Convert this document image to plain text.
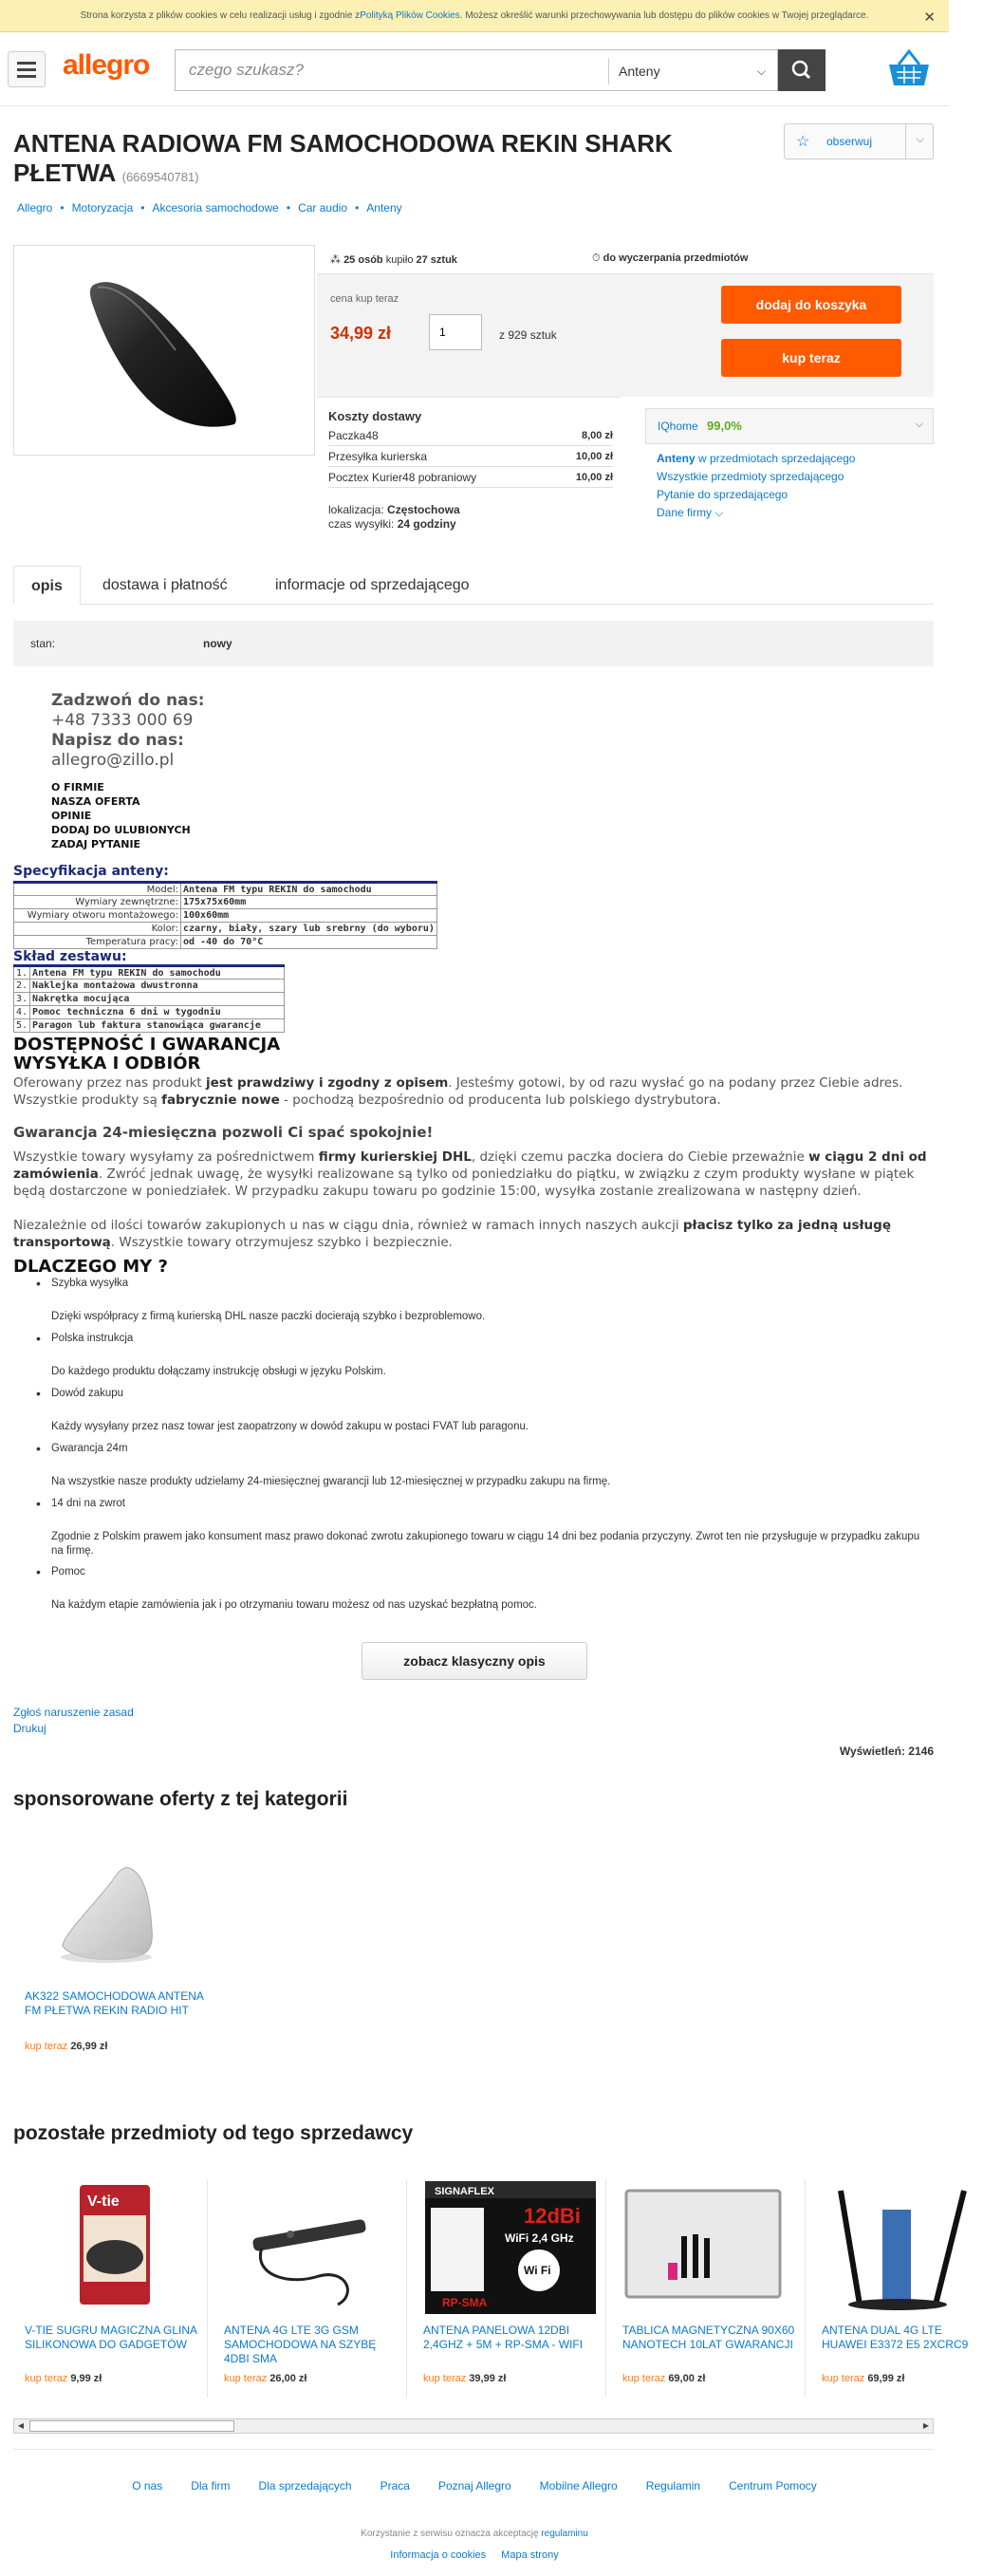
Strona korzysta z plików cookies w celu realizacji usług i zgodnie z Polityką Plików Cookies . Możesz określić warunki przechowywania lub dostępu do plików cookies w Twojej przeglądarce.	✕
allegro czego szukasz?	Anteny	⌵
ANTENA RADIOWA FM SAMOCHODOWA REKIN SHARK PŁETWA (6669540781)
☆ obserwuj	⌵
Allegro • Motoryzacja • Akcesoria samochodowe • Car audio • Anteny
⁂ 25 osób kupiło 27 sztuk	⏱ do wyczerpania przedmiotów
cena kup teraz
34,99 zł
1	z 929 sztuk
dodaj do koszyka
kup teraz
Koszty dostawy
Paczka48	8,00 zł
Przesyłka kurierska	10,00 zł
Pocztex Kurier48 pobraniowy	10,00 zł
lokalizacja: Częstochowa
czas wysyłki: 24 godziny
IQhome 99,0%	⌵
Anteny w przedmiotach sprzedającego
Wszystkie przedmioty sprzedającego
Pytanie do sprzedającego
Dane firmy ⌵
opis	dostawa i płatność	informacje od sprzedającego
stan:	nowy
Zadzwoń do nas:
+48 7333 000 69
Napisz do nas:
allegro@zillo.pl
O FIRMIE
NASZA OFERTA
OPINIE
DODAJ DO ULUBIONYCH
ZADAJ PYTANIE
Specyfikacja anteny:
Model:	Antena FM typu REKIN do samochodu
Wymiary zewnętrzne:	175x75x60mm
Wymiary otworu montażowego:	100x60mm
Kolor:	czarny, biały, szary lub srebrny (do wyboru)
Temperatura pracy:	od -40 do 70°C
Skład zestawu:
1.	Antena FM typu REKIN do samochodu
2.	Naklejka montażowa dwustronna
3.	Nakrętka mocująca
4.	Pomoc techniczna 6 dni w tygodniu
5.	Paragon lub faktura stanowiąca gwarancje
DOSTĘPNOŚĆ I GWARANCJA
WYSYŁKA I ODBIÓR
Oferowany przez nas produkt jest prawdziwy i zgodny z opisem. Jesteśmy gotowi, by od razu wysłać go na podany przez Ciebie adres. Wszystkie produkty są fabrycznie nowe - pochodzą bezpośrednio od producenta lub polskiego dystrybutora.
Gwarancja 24-miesięczna pozwoli Ci spać spokojnie!
Wszystkie towary wysyłamy za pośrednictwem firmy kurierskiej DHL, dzięki czemu paczka dociera do Ciebie przeważnie w ciągu 2 dni od zamówienia. Zwróć jednak uwagę, że wysyłki realizowane są tylko od poniedziałku do piątku, w związku z czym produkty wysłane w piątek będą dostarczone w poniedziałek. W przypadku zakupu towaru po godzinie 15:00, wysyłka zostanie zrealizowana w następny dzień.
Niezależnie od ilości towarów zakupionych u nas w ciągu dnia, również w ramach innych naszych aukcji płacisz tylko za jedną usługę transportową. Wszystkie towary otrzymujesz szybko i bezpiecznie.
DLACZEGO MY ?
• Szybka wysyłka
Dzięki współpracy z firmą kurierską DHL nasze paczki docierają szybko i bezproblemowo.
• Polska instrukcja
Do każdego produktu dołączamy instrukcję obsługi w języku Polskim.
• Dowód zakupu
Każdy wysyłany przez nasz towar jest zaopatrzony w dowód zakupu w postaci FVAT lub paragonu.
• Gwarancja 24m
Na wszystkie nasze produkty udzielamy 24-miesięcznej gwarancji lub 12-miesięcznej w przypadku zakupu na firmę.
• 14 dni na zwrot
Zgodnie z Polskim prawem jako konsument masz prawo dokonać zwrotu zakupionego towaru w ciągu 14 dni bez podania przyczyny. Zwrot ten nie przysługuje w przypadku zakupu na firmę.
• Pomoc
Na każdym etapie zamówienia jak i po otrzymaniu towaru możesz od nas uzyskać bezpłatną pomoc.
zobacz klasyczny opis
Zgłoś naruszenie zasad
Drukuj
Wyświetleń: 2146
sponsorowane oferty z tej kategorii
AK322 SAMOCHODOWA ANTENA FM PŁETWA REKIN RADIO HIT
kup teraz 26,99 zł
pozostałe przedmioty od tego sprzedawcy
V-tie
V-TIE SUGRU MAGICZNA GLINA SILIKONOWA DO GADGETÓW
kup teraz 9,99 zł
ANTENA 4G LTE 3G GSM SAMOCHODOWA NA SZYBĘ 4DBI SMA
kup teraz 26,00 zł
SIGNAFLEX
12dBi
WiFi 2,4 GHz
Wi Fi
RP-SMA
ANTENA PANELOWA 12DBI 2,4GHZ + 5M + RP-SMA - WIFI
kup teraz 39,99 zł
TABLICA MAGNETYCZNA 90X60 NANOTECH 10LAT GWARANCJI
kup teraz 69,00 zł
ANTENA DUAL 4G LTE HUAWEI E3372 E5 2XCRC9
kup teraz 69,99 zł
◀	▶
O nas	Dla firm	Dla sprzedających	Praca	Poznaj Allegro	Mobilne Allegro	Regulamin	Centrum Pomocy
Korzystanie z serwisu oznacza akceptację regulaminu
Informacja o cookies Mapa strony
